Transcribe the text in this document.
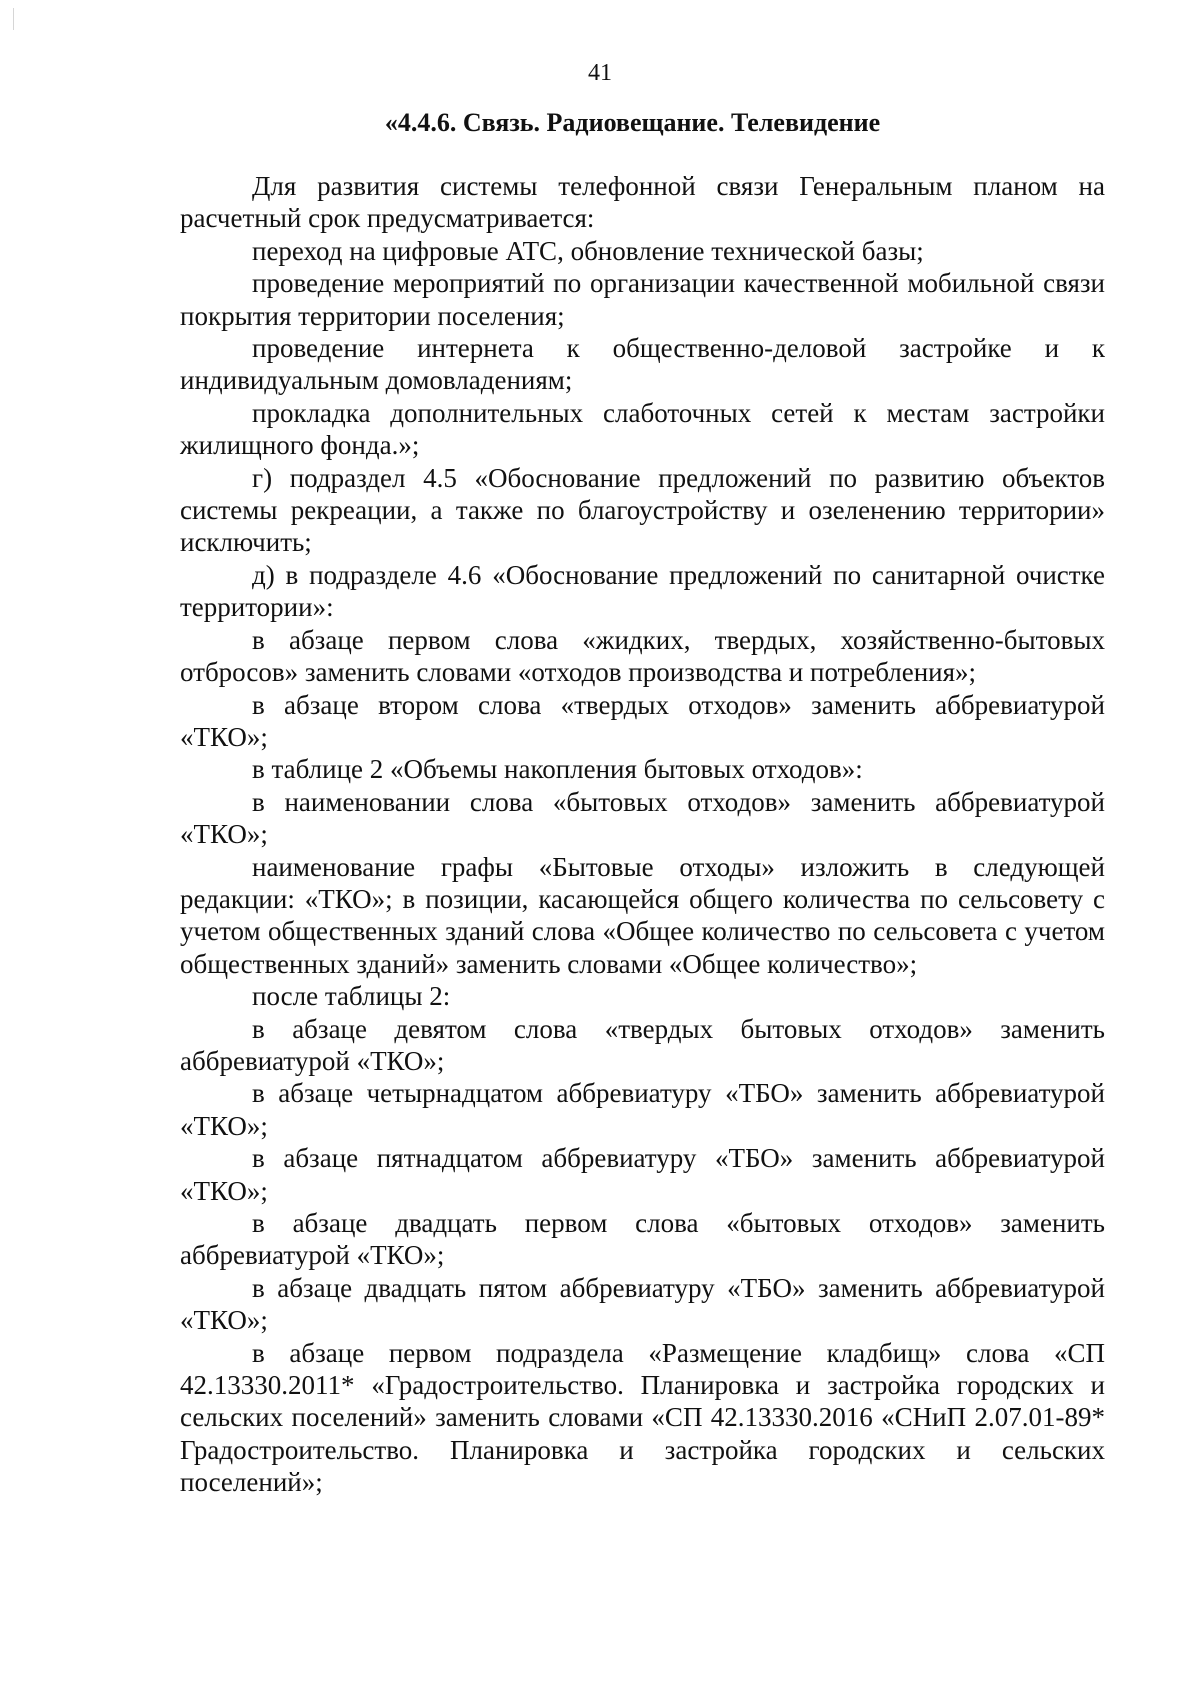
41
«4.4.6. Связь. Радиовещание. Телевидение

Для развития системы телефонной связи Генеральным планом на расчетный срок предусматривается:

переход на цифровые АТС, обновление технической базы;

проведение мероприятий по организации качественной мобильной связи покрытия территории поселения;

проведение интернета к общественно-деловой застройке и к индивидуальным домовладениям;

прокладка дополнительных слаботочных сетей к местам застройки жилищного фонда.»;

г) подраздел 4.5 «Обоснование предложений по развитию объектов системы рекреации, а также по благоустройству и озеленению территории» исключить;

д) в подразделе 4.6 «Обоснование предложений по санитарной очистке территории»:

в абзаце первом слова «жидких, твердых, хозяйственно-бытовых отбросов» заменить словами «отходов производства и потребления»;

в абзаце втором слова «твердых отходов» заменить аббревиатурой «ТКО»;

в таблице 2 «Объемы накопления бытовых отходов»:

в наименовании слова «бытовых отходов» заменить аббревиатурой «ТКО»;

наименование графы «Бытовые отходы» изложить в следующей редакции: «ТКО»; в позиции, касающейся общего количества по сельсовету с учетом общественных зданий слова «Общее количество по сельсовета с учетом общественных зданий» заменить словами «Общее количество»;

после таблицы 2:

в абзаце девятом слова «твердых бытовых отходов» заменить аббревиатурой «ТКО»;

в абзаце четырнадцатом аббревиатуру «ТБО» заменить аббревиатурой «ТКО»;

в абзаце пятнадцатом аббревиатуру «ТБО» заменить аббревиатурой «ТКО»;

в абзаце двадцать первом слова «бытовых отходов» заменить аббревиатурой «ТКО»;

в абзаце двадцать пятом аббревиатуру «ТБО» заменить аббревиатурой «ТКО»;

в абзаце первом подраздела «Размещение кладбищ» слова «СП 42.13330.2011* «Градостроительство. Планировка и застройка городских и сельских поселений» заменить словами «СП 42.13330.2016 «СНиП 2.07.01-89* Градостроительство. Планировка и застройка городских и сельских поселений»;
